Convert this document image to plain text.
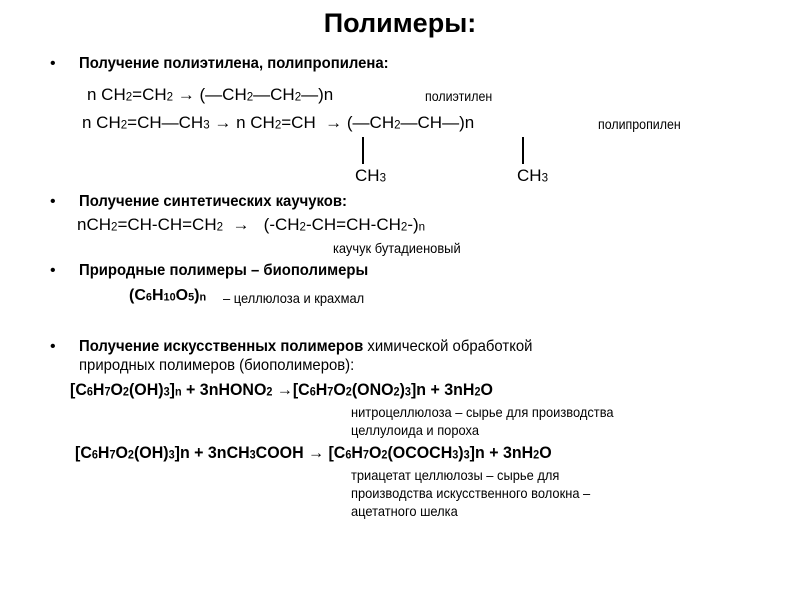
Полимеры:
• Получение полиэтилена, полипропилена:
n $CH_2=CH_2$ → $(—CH_2—CH_2—)n$	полиэтилен
n $CH_2=CH—CH_3 \to n$ $CH_2=CH$  → $(—CH_2—CH—)n$	полипропилен
$CH_3$	$CH_3$
• Получение синтетических каучуков:
$nCH_2=CH-CH=CH_2 \to (-CH_2-CH=CH-CH_2-)_n$
каучук бутадиеновый
• Природные полимеры – биополимеры
$(C_6H_{10}O_5)_n$ – целлюлоза и крахмал
• Получение искусственных полимеров химической обработкой
природных полимеров (биополимеров):
$[C_6H_7O_2(OH)_3]_n$ + 3nHONO$_2$ $\to[C_6H_7O_2(ONO_2)_3]n + 3nH_2O$
нитроцеллюлоза – сырье для производства
целлулоида и пороха
$[C_6H_7O_2(OH)_3]n$ + 3nCH$_3$COOH → $[C_6H_7O_2(OCOCH_3)_3]n + 3nH_2O$
триацетат целлюлозы – сырье для
производства искусственного волокна –
ацетатного шелка
